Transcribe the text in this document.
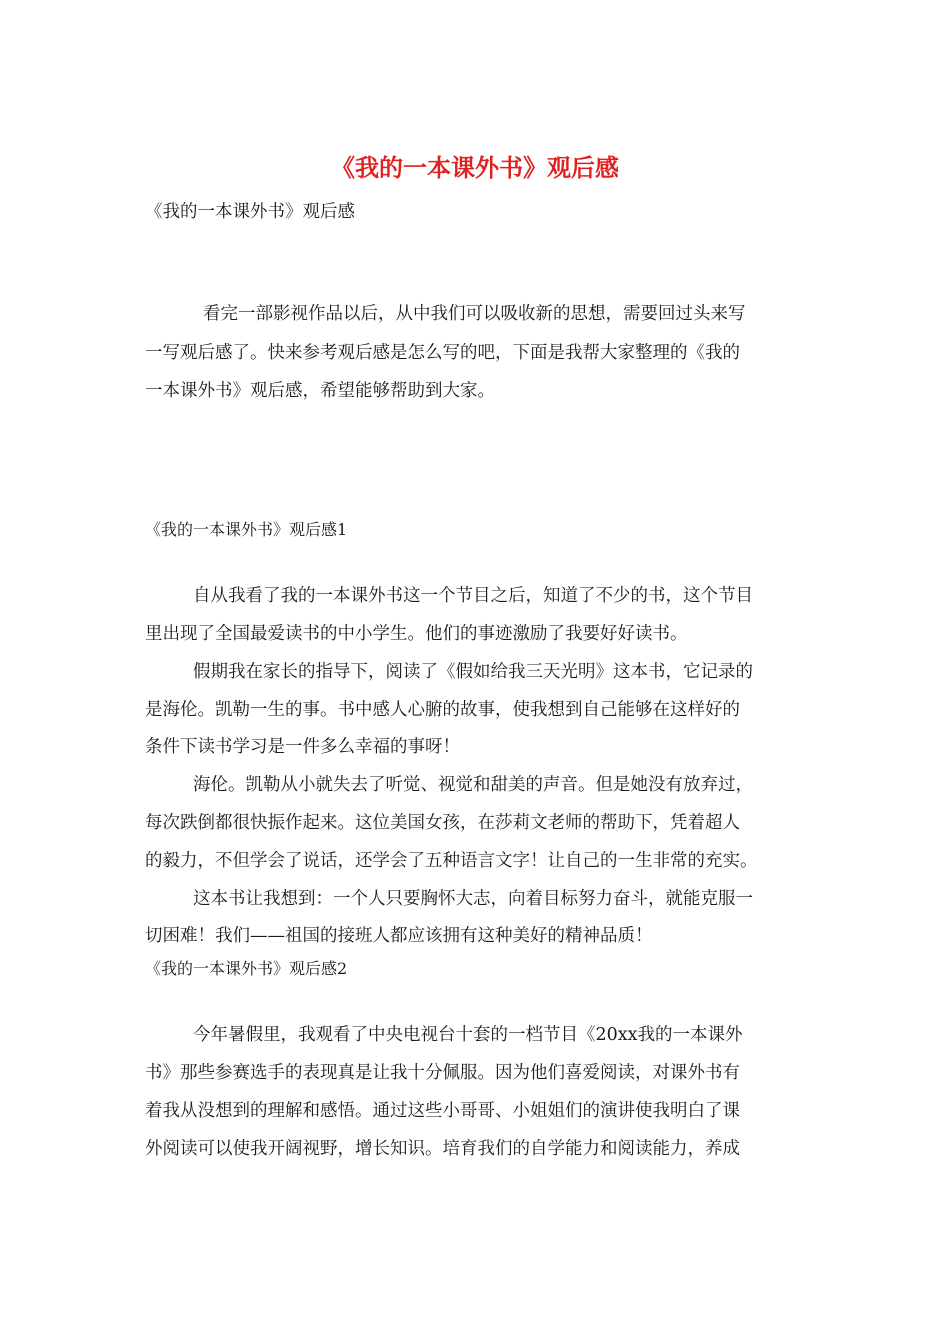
《我的一本课外书》观后感
《我的一本课外书》观后感
看完一部影视作品以后，从中我们可以吸收新的思想，需要回过头来写
一写观后感了。快来参考观后感是怎么写的吧，下面是我帮大家整理的《我的
一本课外书》观后感，希望能够帮助到大家。
《我的一本课外书》观后感1
自从我看了我的一本课外书这一个节目之后，知道了不少的书，这个节目
里出现了全国最爱读书的中小学生。他们的事迹激励了我要好好读书。
假期我在家长的指导下，阅读了《假如给我三天光明》这本书，它记录的
是海伦。凯勒一生的事。书中感人心腑的故事，使我想到自己能够在这样好的
条件下读书学习是一件多么幸福的事呀！
海伦。凯勒从小就失去了听觉、视觉和甜美的声音。但是她没有放弃过，
每次跌倒都很快振作起来。这位美国女孩，在莎莉文老师的帮助下，凭着超人
的毅力，不但学会了说话，还学会了五种语言文字！让自己的一生非常的充实。
这本书让我想到：一个人只要胸怀大志，向着目标努力奋斗，就能克服一
切困难！我们——祖国的接班人都应该拥有这种美好的精神品质！
《我的一本课外书》观后感2
今年暑假里，我观看了中央电视台十套的一档节目《20xx我的一本课外
书》那些参赛选手的表现真是让我十分佩服。因为他们喜爱阅读，对课外书有
着我从没想到的理解和感悟。通过这些小哥哥、小姐姐们的演讲使我明白了课
外阅读可以使我开阔视野，增长知识。培育我们的自学能力和阅读能力，养成
